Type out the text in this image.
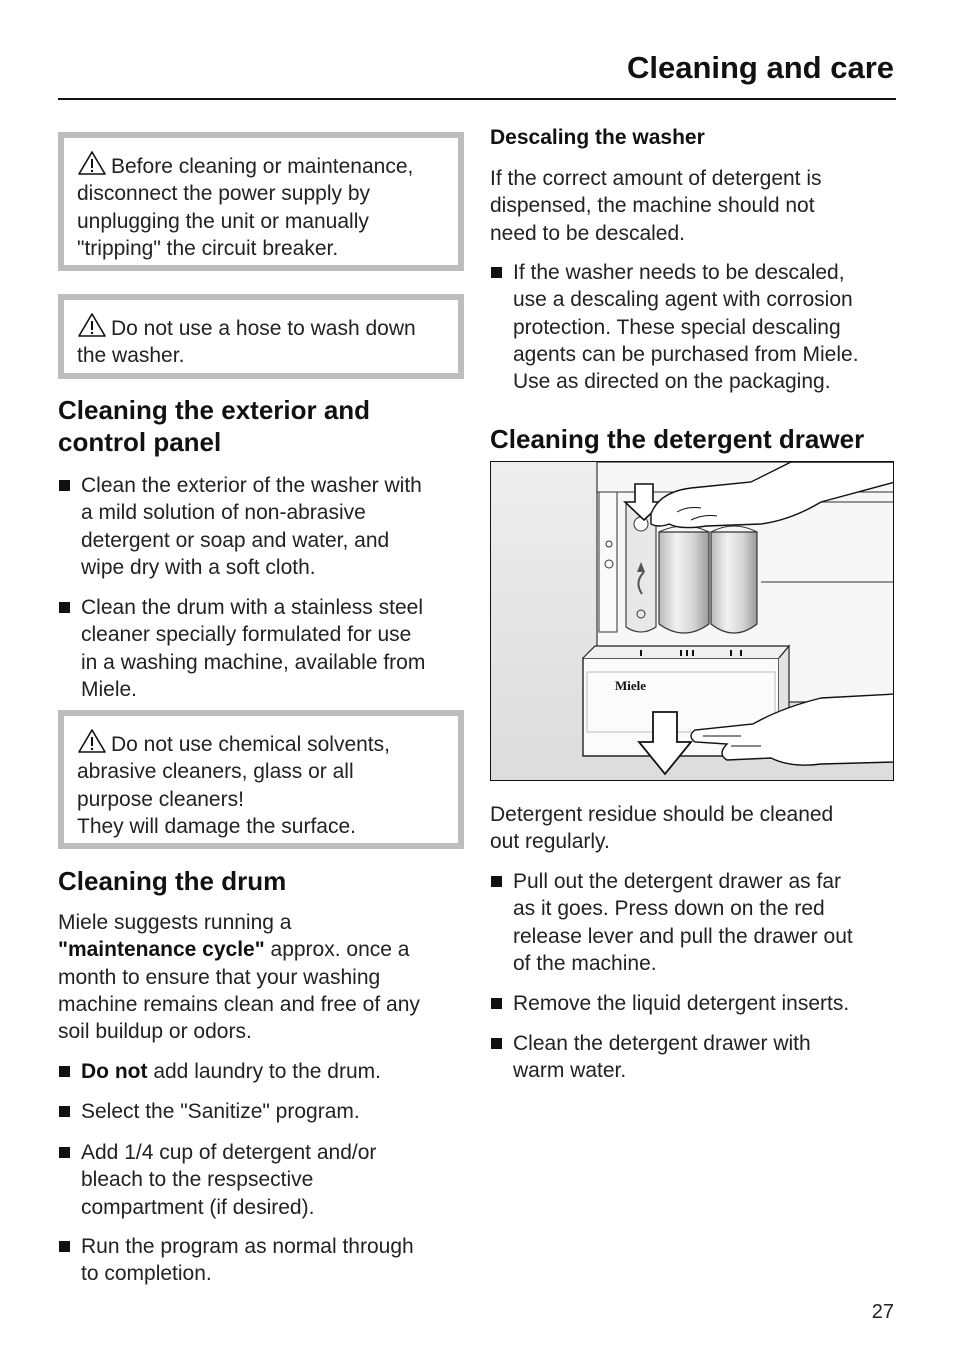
Cleaning and care
Before cleaning or maintenance,
disconnect the power supply by
unplugging the unit or manually
"tripping" the circuit breaker.
Do not use a hose to wash down
the washer.
Cleaning the exterior and
control panel
Clean the exterior of the washer with
a mild solution of non-abrasive
detergent or soap and water, and
wipe dry with a soft cloth.
Clean the drum with a stainless steel
cleaner specially formulated for use
in a washing machine, available from
Miele.
Do not use chemical solvents,
abrasive cleaners, glass or all
purpose cleaners!
They will damage the surface.
Cleaning the drum
Miele suggests running a
"maintenance cycle" approx. once a
month to ensure that your washing
machine remains clean and free of any
soil buildup or odors.
Do not add laundry to the drum.
Select the "Sanitize" program.
Add 1/4 cup of detergent and/or
bleach to the respsective
compartment (if desired).
Run the program as normal through
to completion.
Descaling the washer
If the correct amount of detergent is
dispensed, the machine should not
need to be descaled.
If the washer needs to be descaled,
use a descaling agent with corrosion
protection. These special descaling
agents can be purchased from Miele.
Use as directed on the packaging.
Cleaning the detergent drawer
Miele
Detergent residue should be cleaned
out regularly.
Pull out the detergent drawer as far
as it goes. Press down on the red
release lever and pull the drawer out
of the machine.
Remove the liquid detergent inserts.
Clean the detergent drawer with
warm water.

27
